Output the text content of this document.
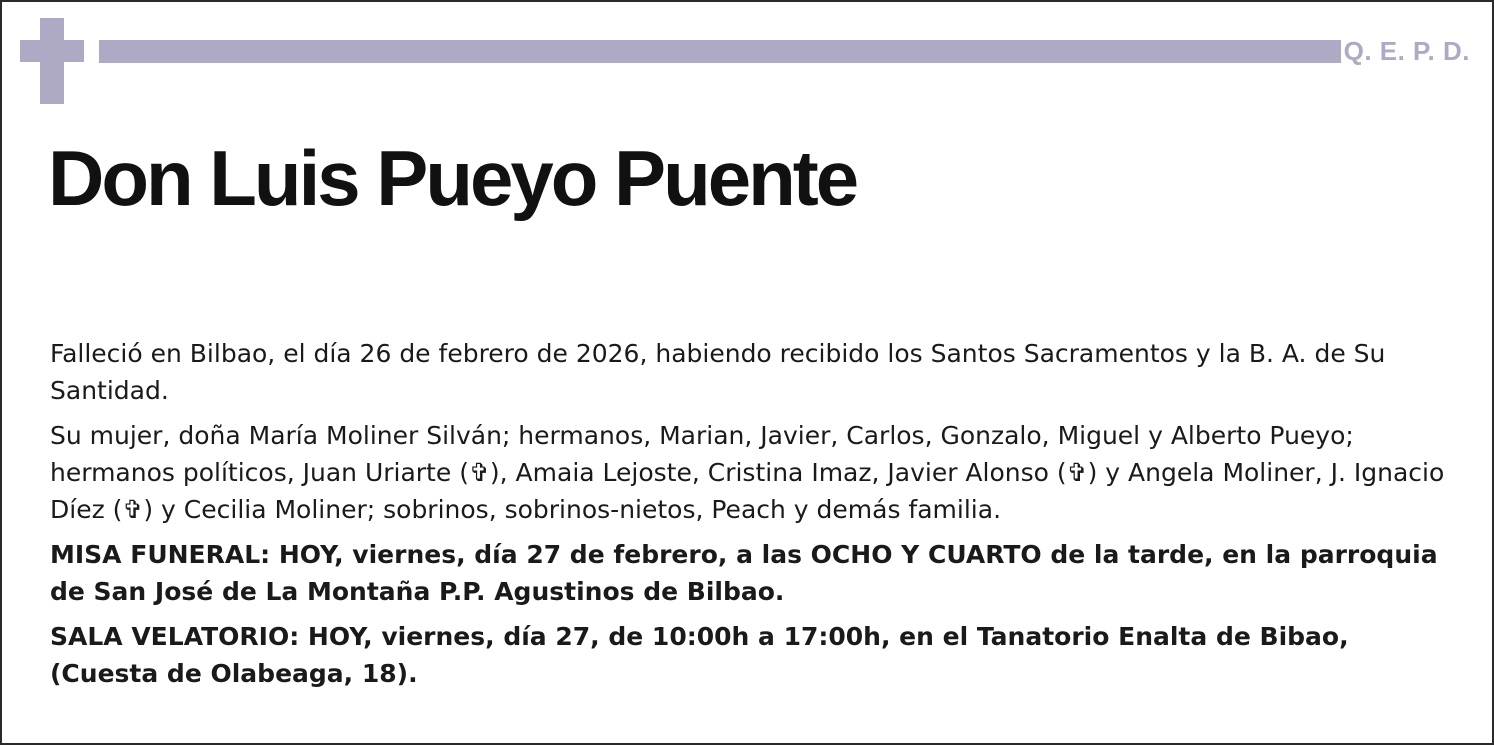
Q. E. P. D.
Don Luis Pueyo Puente

Falleció en Bilbao, el día 26 de febrero de 2026, habiendo recibido los Santos Sacramentos y la B. A. de Su Santidad.

Su mujer, doña María Moliner Silván; hermanos, Marian, Javier, Carlos, Gonzalo, Miguel y Alberto Pueyo; hermanos políticos, Juan Uriarte (✞), Amaia Lejoste, Cristina Imaz, Javier Alonso (✞) y Angela Moliner, J. Ignacio Díez (✞) y Cecilia Moliner; sobrinos, sobrinos-nietos, Peach y demás familia.

MISA FUNERAL: HOY, viernes, día 27 de febrero, a las OCHO Y CUARTO de la tarde, en la parroquia de San José de La Montaña P.P. Agustinos de Bilbao.

SALA VELATORIO: HOY, viernes, día 27, de 10:00h a 17:00h, en el Tanatorio Enalta de Bibao, (Cuesta de Olabeaga, 18).
